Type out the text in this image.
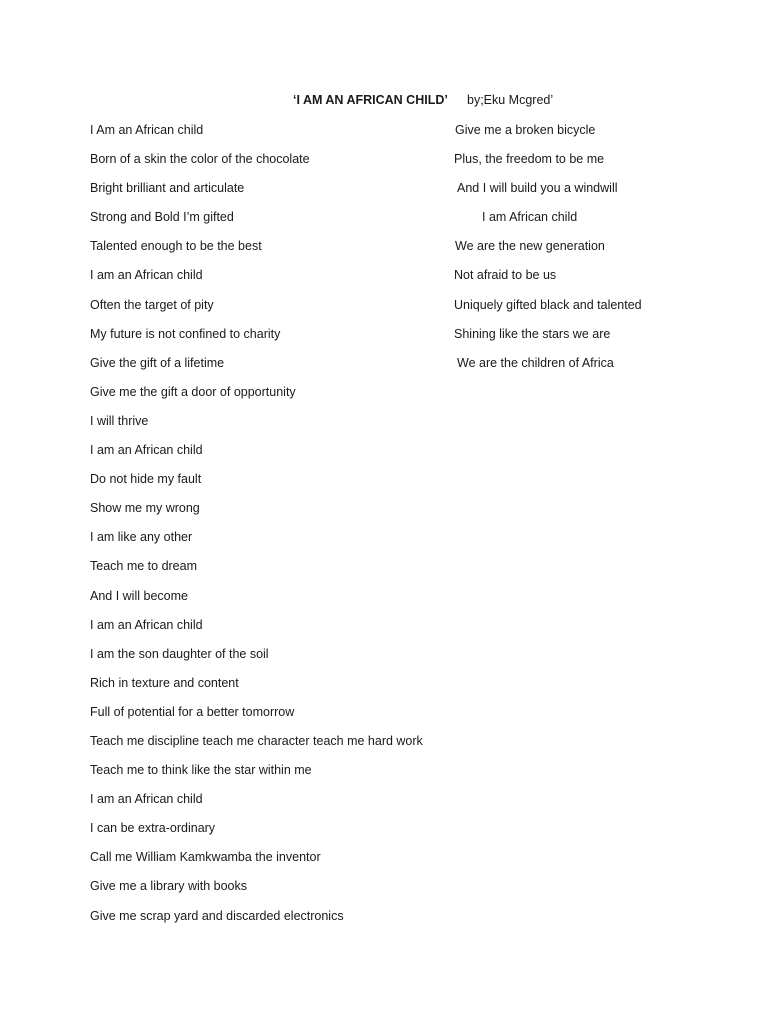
‘I AM AN AFRICAN CHILD’ by;Eku Mcgred’
I Am an African child
Born of a skin the color of the chocolate
Bright brilliant and articulate
Strong and Bold I’m gifted
Talented enough to be the best
I am an African child
Often the target of pity
My future is not confined to charity
Give the gift of a lifetime
Give me the gift a door of opportunity
I will thrive
I am an African child
Do not hide my fault
Show me my wrong
I am like any other
Teach me to dream
And I will become
I am an African child
I am the son daughter of the soil
Rich in texture and content
Full of potential for a better tomorrow
Teach me discipline teach me character teach me hard work
Teach me to think like the star within me
I am an African child
I can be extra-ordinary
Call me William Kamkwamba the inventor
Give me a library with books
Give me scrap yard and discarded electronics
Give me a broken bicycle
Plus, the freedom to be me
And I will build you a windwill
I am African child
We are the new generation
Not afraid to be us
Uniquely gifted black and talented
Shining like the stars we are
We are the children of Africa
